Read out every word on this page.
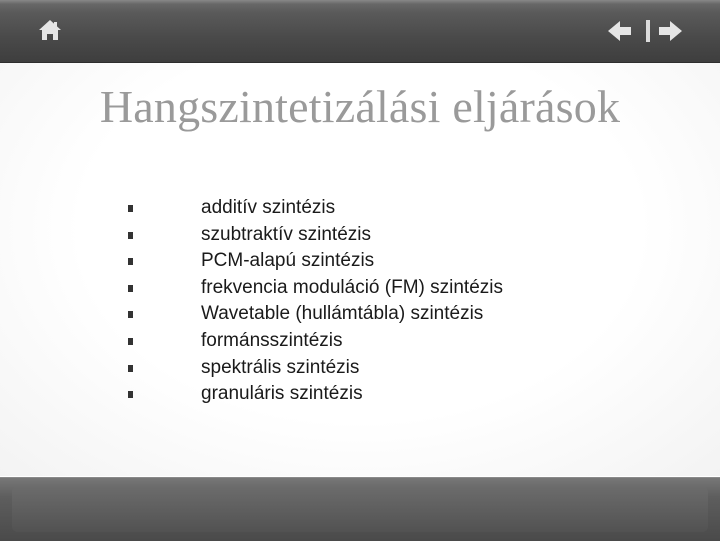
Hangszintetizálási eljárások
additív szintézis
szubtraktív szintézis
PCM-alapú szintézis
frekvencia moduláció (FM) szintézis
Wavetable (hullámtábla) szintézis
formánsszintézis
spektrális szintézis
granuláris szintézis
